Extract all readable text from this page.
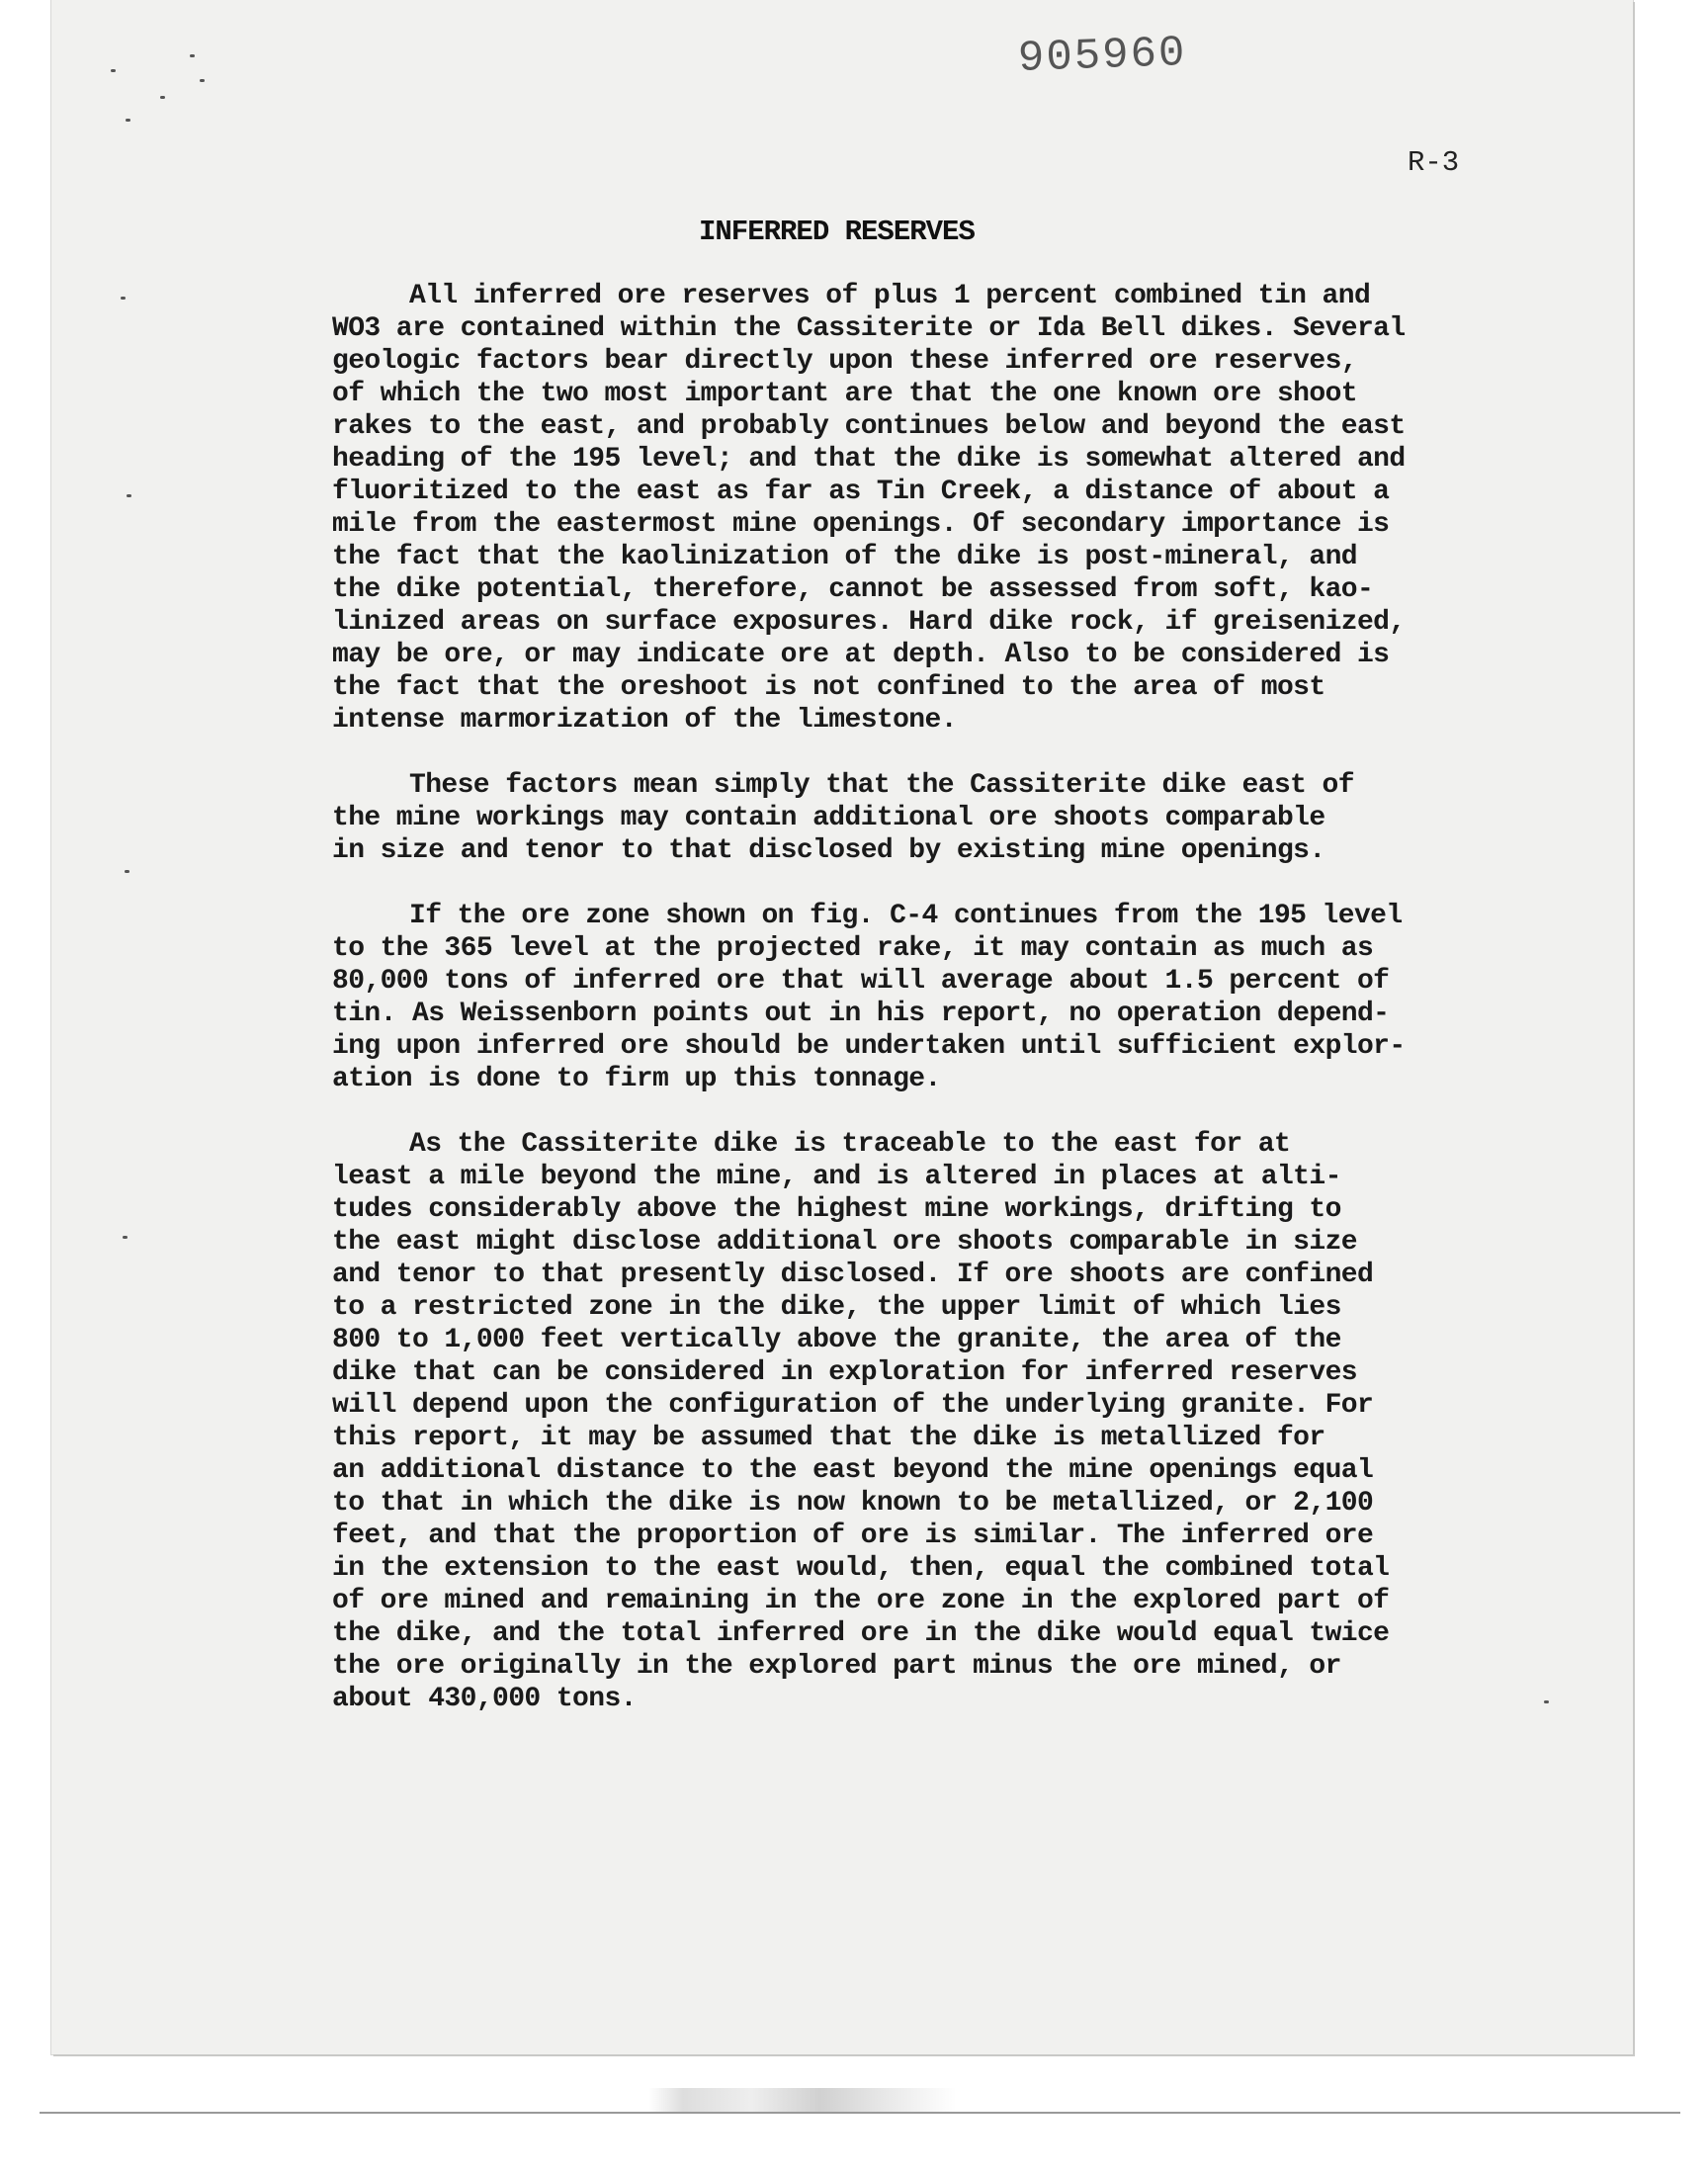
905960
R-3
INFERRED RESERVES

All inferred ore reserves of plus 1 percent combined tin and
WO3 are contained within the Cassiterite or Ida Bell dikes. Several
geologic factors bear directly upon these inferred ore reserves,
of which the two most important are that the one known ore shoot
rakes to the east, and probably continues below and beyond the east
heading of the 195 level; and that the dike is somewhat altered and
fluoritized to the east as far as Tin Creek, a distance of about a
mile from the eastermost mine openings. Of secondary importance is
the fact that the kaolinization of the dike is post-mineral, and
the dike potential, therefore, cannot be assessed from soft, kao-
linized areas on surface exposures. Hard dike rock, if greisenized,
may be ore, or may indicate ore at depth. Also to be considered is
the fact that the oreshoot is not confined to the area of most
intense marmorization of the limestone.

These factors mean simply that the Cassiterite dike east of
the mine workings may contain additional ore shoots comparable
in size and tenor to that disclosed by existing mine openings.

If the ore zone shown on fig. C-4 continues from the 195 level
to the 365 level at the projected rake, it may contain as much as
80,000 tons of inferred ore that will average about 1.5 percent of
tin. As Weissenborn points out in his report, no operation depend-
ing upon inferred ore should be undertaken until sufficient explor-
ation is done to firm up this tonnage.

As the Cassiterite dike is traceable to the east for at
least a mile beyond the mine, and is altered in places at alti-
tudes considerably above the highest mine workings, drifting to
the east might disclose additional ore shoots comparable in size
and tenor to that presently disclosed. If ore shoots are confined
to a restricted zone in the dike, the upper limit of which lies
800 to 1,000 feet vertically above the granite, the area of the
dike that can be considered in exploration for inferred reserves
will depend upon the configuration of the underlying granite. For
this report, it may be assumed that the dike is metallized for
an additional distance to the east beyond the mine openings equal
to that in which the dike is now known to be metallized, or 2,100
feet, and that the proportion of ore is similar. The inferred ore
in the extension to the east would, then, equal the combined total
of ore mined and remaining in the ore zone in the explored part of
the dike, and the total inferred ore in the dike would equal twice
the ore originally in the explored part minus the ore mined, or
about 430,000 tons.
